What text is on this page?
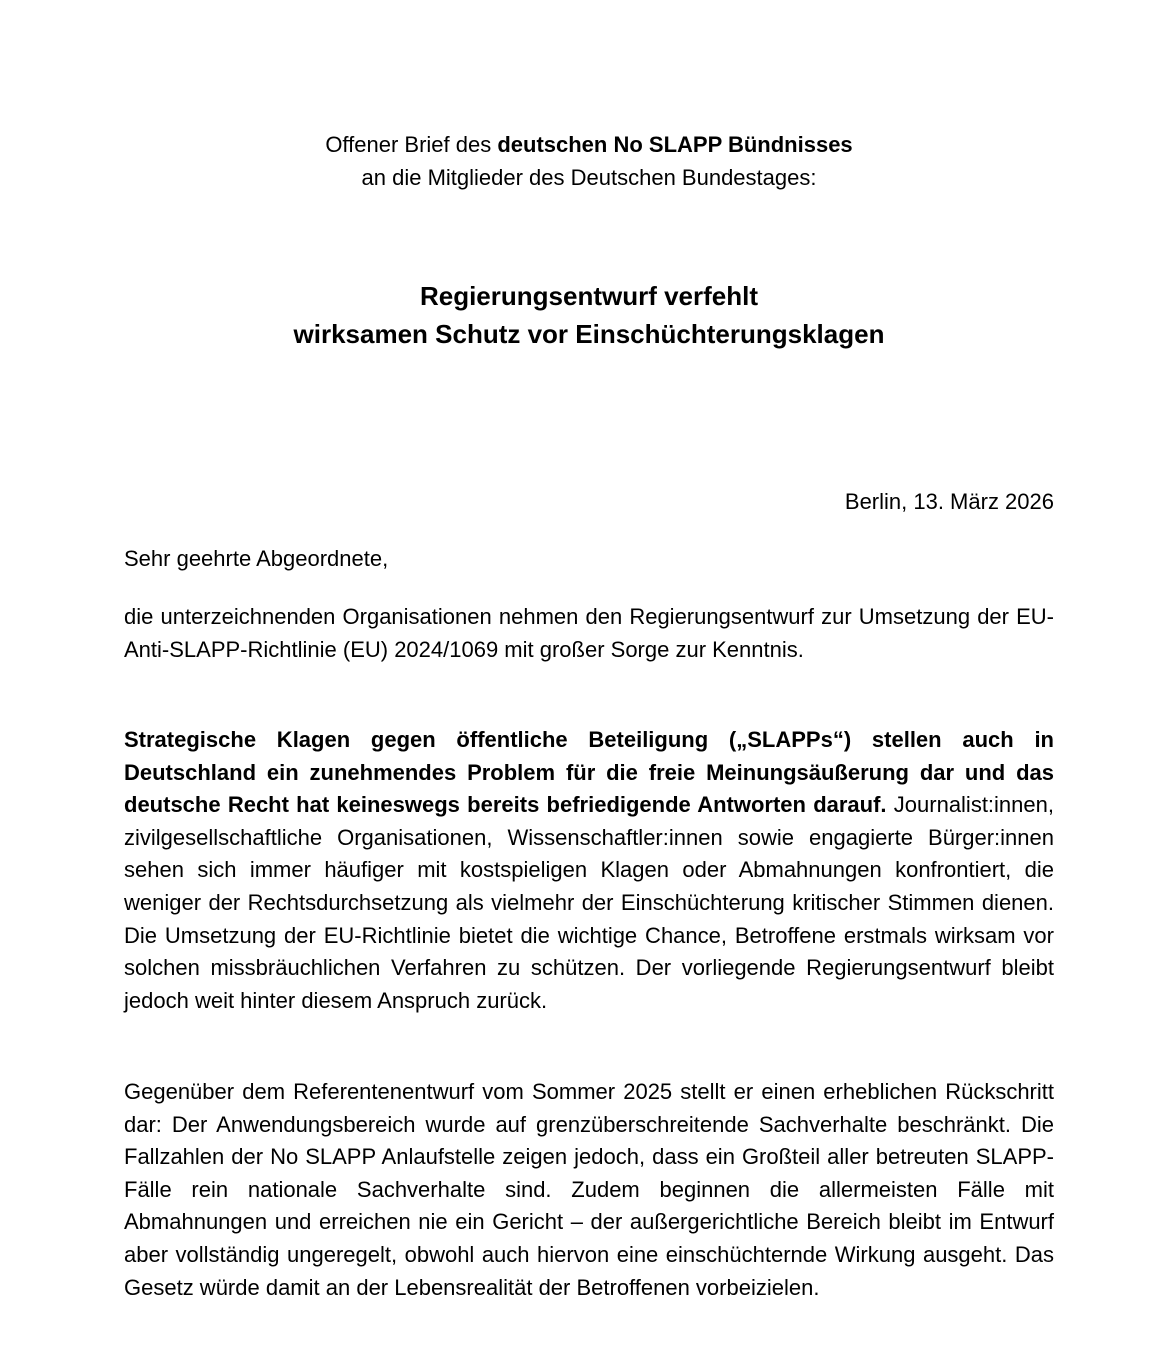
Offener Brief des deutschen No SLAPP Bündnisses
an die Mitglieder des Deutschen Bundestages:
Regierungsentwurf verfehlt
wirksamen Schutz vor Einschüchterungsklagen
Berlin, 13. März 2026
Sehr geehrte Abgeordnete,

die unterzeichnenden Organisationen nehmen den Regierungsentwurf zur Umsetzung der EU-Anti-SLAPP-Richtlinie (EU) 2024/1069 mit großer Sorge zur Kenntnis.

Strategische Klagen gegen öffentliche Beteiligung („SLAPPs“) stellen auch in Deutschland ein zunehmendes Problem für die freie Meinungsäußerung dar und das deutsche Recht hat keineswegs bereits befriedigende Antworten darauf. Journalist:innen, zivilgesellschaftliche Organisationen, Wissenschaftler:innen sowie engagierte Bürger:innen sehen sich immer häufiger mit kostspieligen Klagen oder Abmahnungen konfrontiert, die weniger der Rechtsdurchsetzung als vielmehr der Einschüchterung kritischer Stimmen dienen. Die Umsetzung der EU-Richtlinie bietet die wichtige Chance, Betroffene erstmals wirksam vor solchen missbräuchlichen Verfahren zu schützen. Der vorliegende Regierungsentwurf bleibt jedoch weit hinter diesem Anspruch zurück.

Gegenüber dem Referentenentwurf vom Sommer 2025 stellt er einen erheblichen Rückschritt dar: Der Anwendungsbereich wurde auf grenzüberschreitende Sachverhalte beschränkt. Die Fallzahlen der No SLAPP Anlaufstelle zeigen jedoch, dass ein Großteil aller betreuten SLAPP-Fälle rein nationale Sachverhalte sind. Zudem beginnen die allermeisten Fälle mit Abmahnungen und erreichen nie ein Gericht – der außergerichtliche Bereich bleibt im Entwurf aber vollständig ungeregelt, obwohl auch hiervon eine einschüchternde Wirkung ausgeht. Das Gesetz würde damit an der Lebensrealität der Betroffenen vorbeizielen.
